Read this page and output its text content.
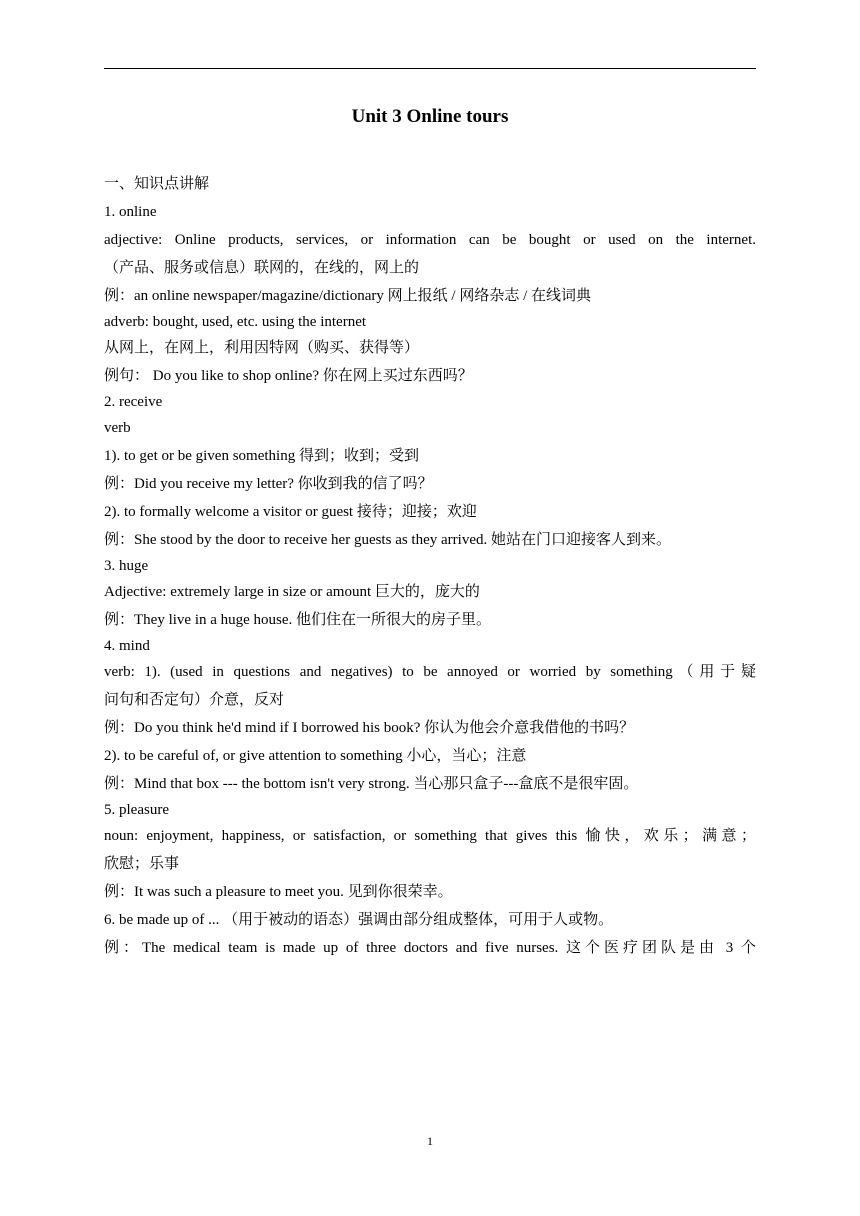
Unit 3 Online tours
一、知识点讲解
1. online
adjective: Online products, services, or information can be bought or used on the internet.
（产品、服务或信息）联网的，在线的，网上的
例：an online newspaper/magazine/dictionary 网上报纸 / 网络杂志 / 在线词典
adverb: bought, used, etc. using the internet
从网上，在网上，利用因特网（购买、获得等）
例句： Do you like to shop online? 你在网上买过东西吗？
2. receive
verb
1). to get or be given something 得到；收到；受到
例：Did you receive my letter? 你收到我的信了吗？
2). to formally welcome a visitor or guest 接待；迎接；欢迎
例：She stood by the door to receive her guests as they arrived. 她站在门口迎接客人到来。
3. huge
Adjective: extremely large in size or amount 巨大的，庞大的
例：They live in a huge house. 他们住在一所很大的房子里。
4. mind
verb: 1). (used in questions and negatives) to be annoyed or worried by something（用于疑
问句和否定句）介意，反对
例：Do you think he'd mind if I borrowed his book? 你认为他会介意我借他的书吗？
2). to be careful of, or give attention to something 小心，当心；注意
例：Mind that box --- the bottom isn't very strong. 当心那只盒子---盒底不是很牢固。
5. pleasure
noun: enjoyment, happiness, or satisfaction, or something that gives this 愉快，欢乐；满意；
欣慰；乐事
例：It was such a pleasure to meet you. 见到你很荣幸。
6. be made up of ... （用于被动的语态）强调由部分组成整体，可用于人或物。
例：The medical team is made up of three doctors and five nurses. 这个医疗团队是由 3 个
1
